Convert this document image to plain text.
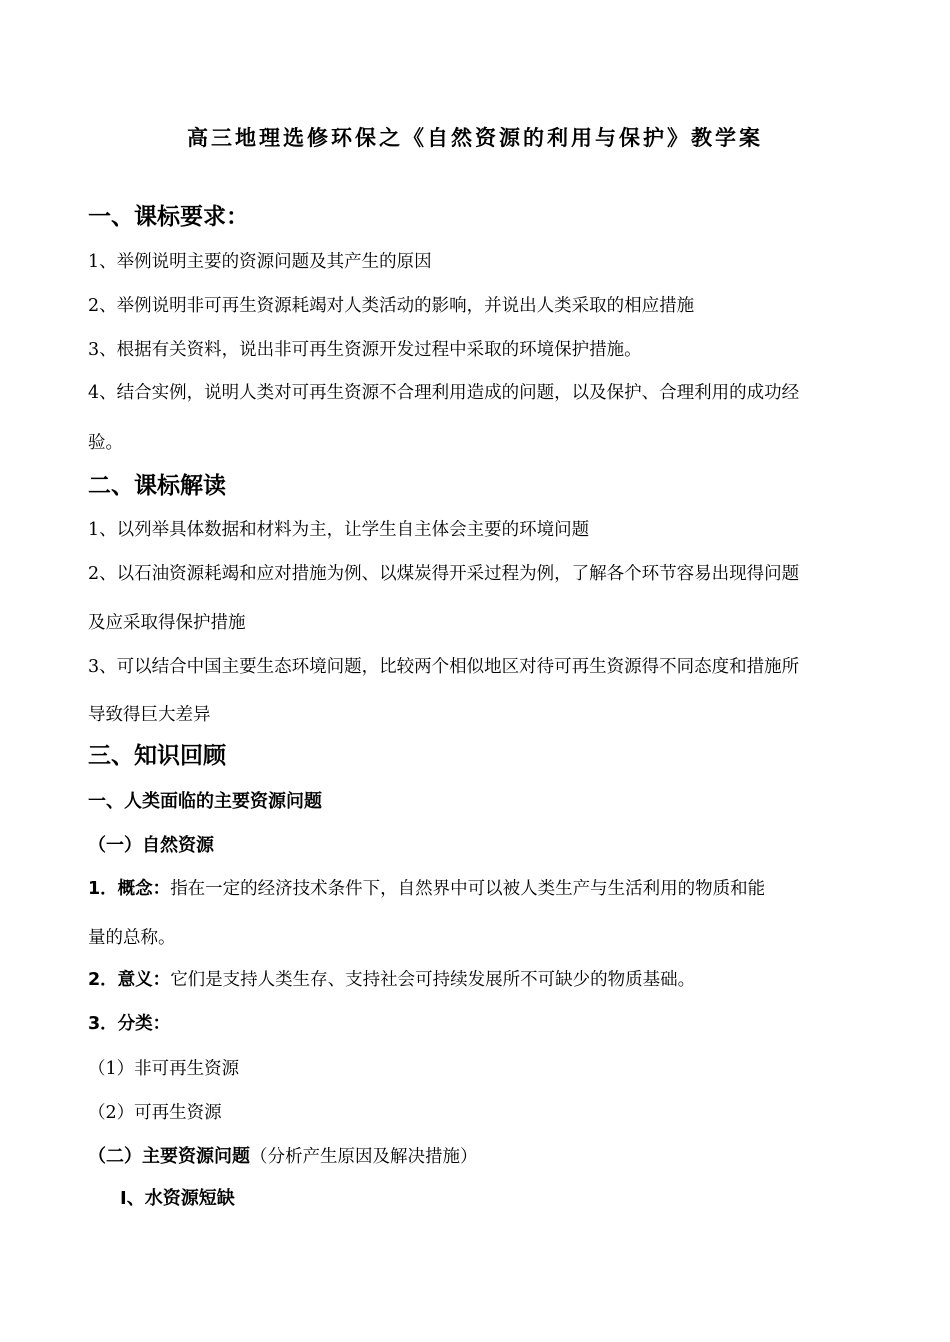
高三地理选修环保之《自然资源的利用与保护》教学案
一、课标要求：
1、举例说明主要的资源问题及其产生的原因
2、举例说明非可再生资源耗竭对人类活动的影响，并说出人类采取的相应措施
3、根据有关资料，说出非可再生资源开发过程中采取的环境保护措施。
4、结合实例，说明人类对可再生资源不合理利用造成的问题，以及保护、合理利用的成功经
验。
二、课标解读
1、以列举具体数据和材料为主，让学生自主体会主要的环境问题
2、以石油资源耗竭和应对措施为例、以煤炭得开采过程为例，了解各个环节容易出现得问题
及应采取得保护措施
3、可以结合中国主要生态环境问题，比较两个相似地区对待可再生资源得不同态度和措施所
导致得巨大差异
三、知识回顾
一、人类面临的主要资源问题
（一）自然资源
1．概念：指在一定的经济技术条件下，自然界中可以被人类生产与生活利用的物质和能
量的总称。
2．意义：它们是支持人类生存、支持社会可持续发展所不可缺少的物质基础。
3．分类：
（1）非可再生资源
（2）可再生资源
（二）主要资源问题（分析产生原因及解决措施）
Ⅰ、水资源短缺
